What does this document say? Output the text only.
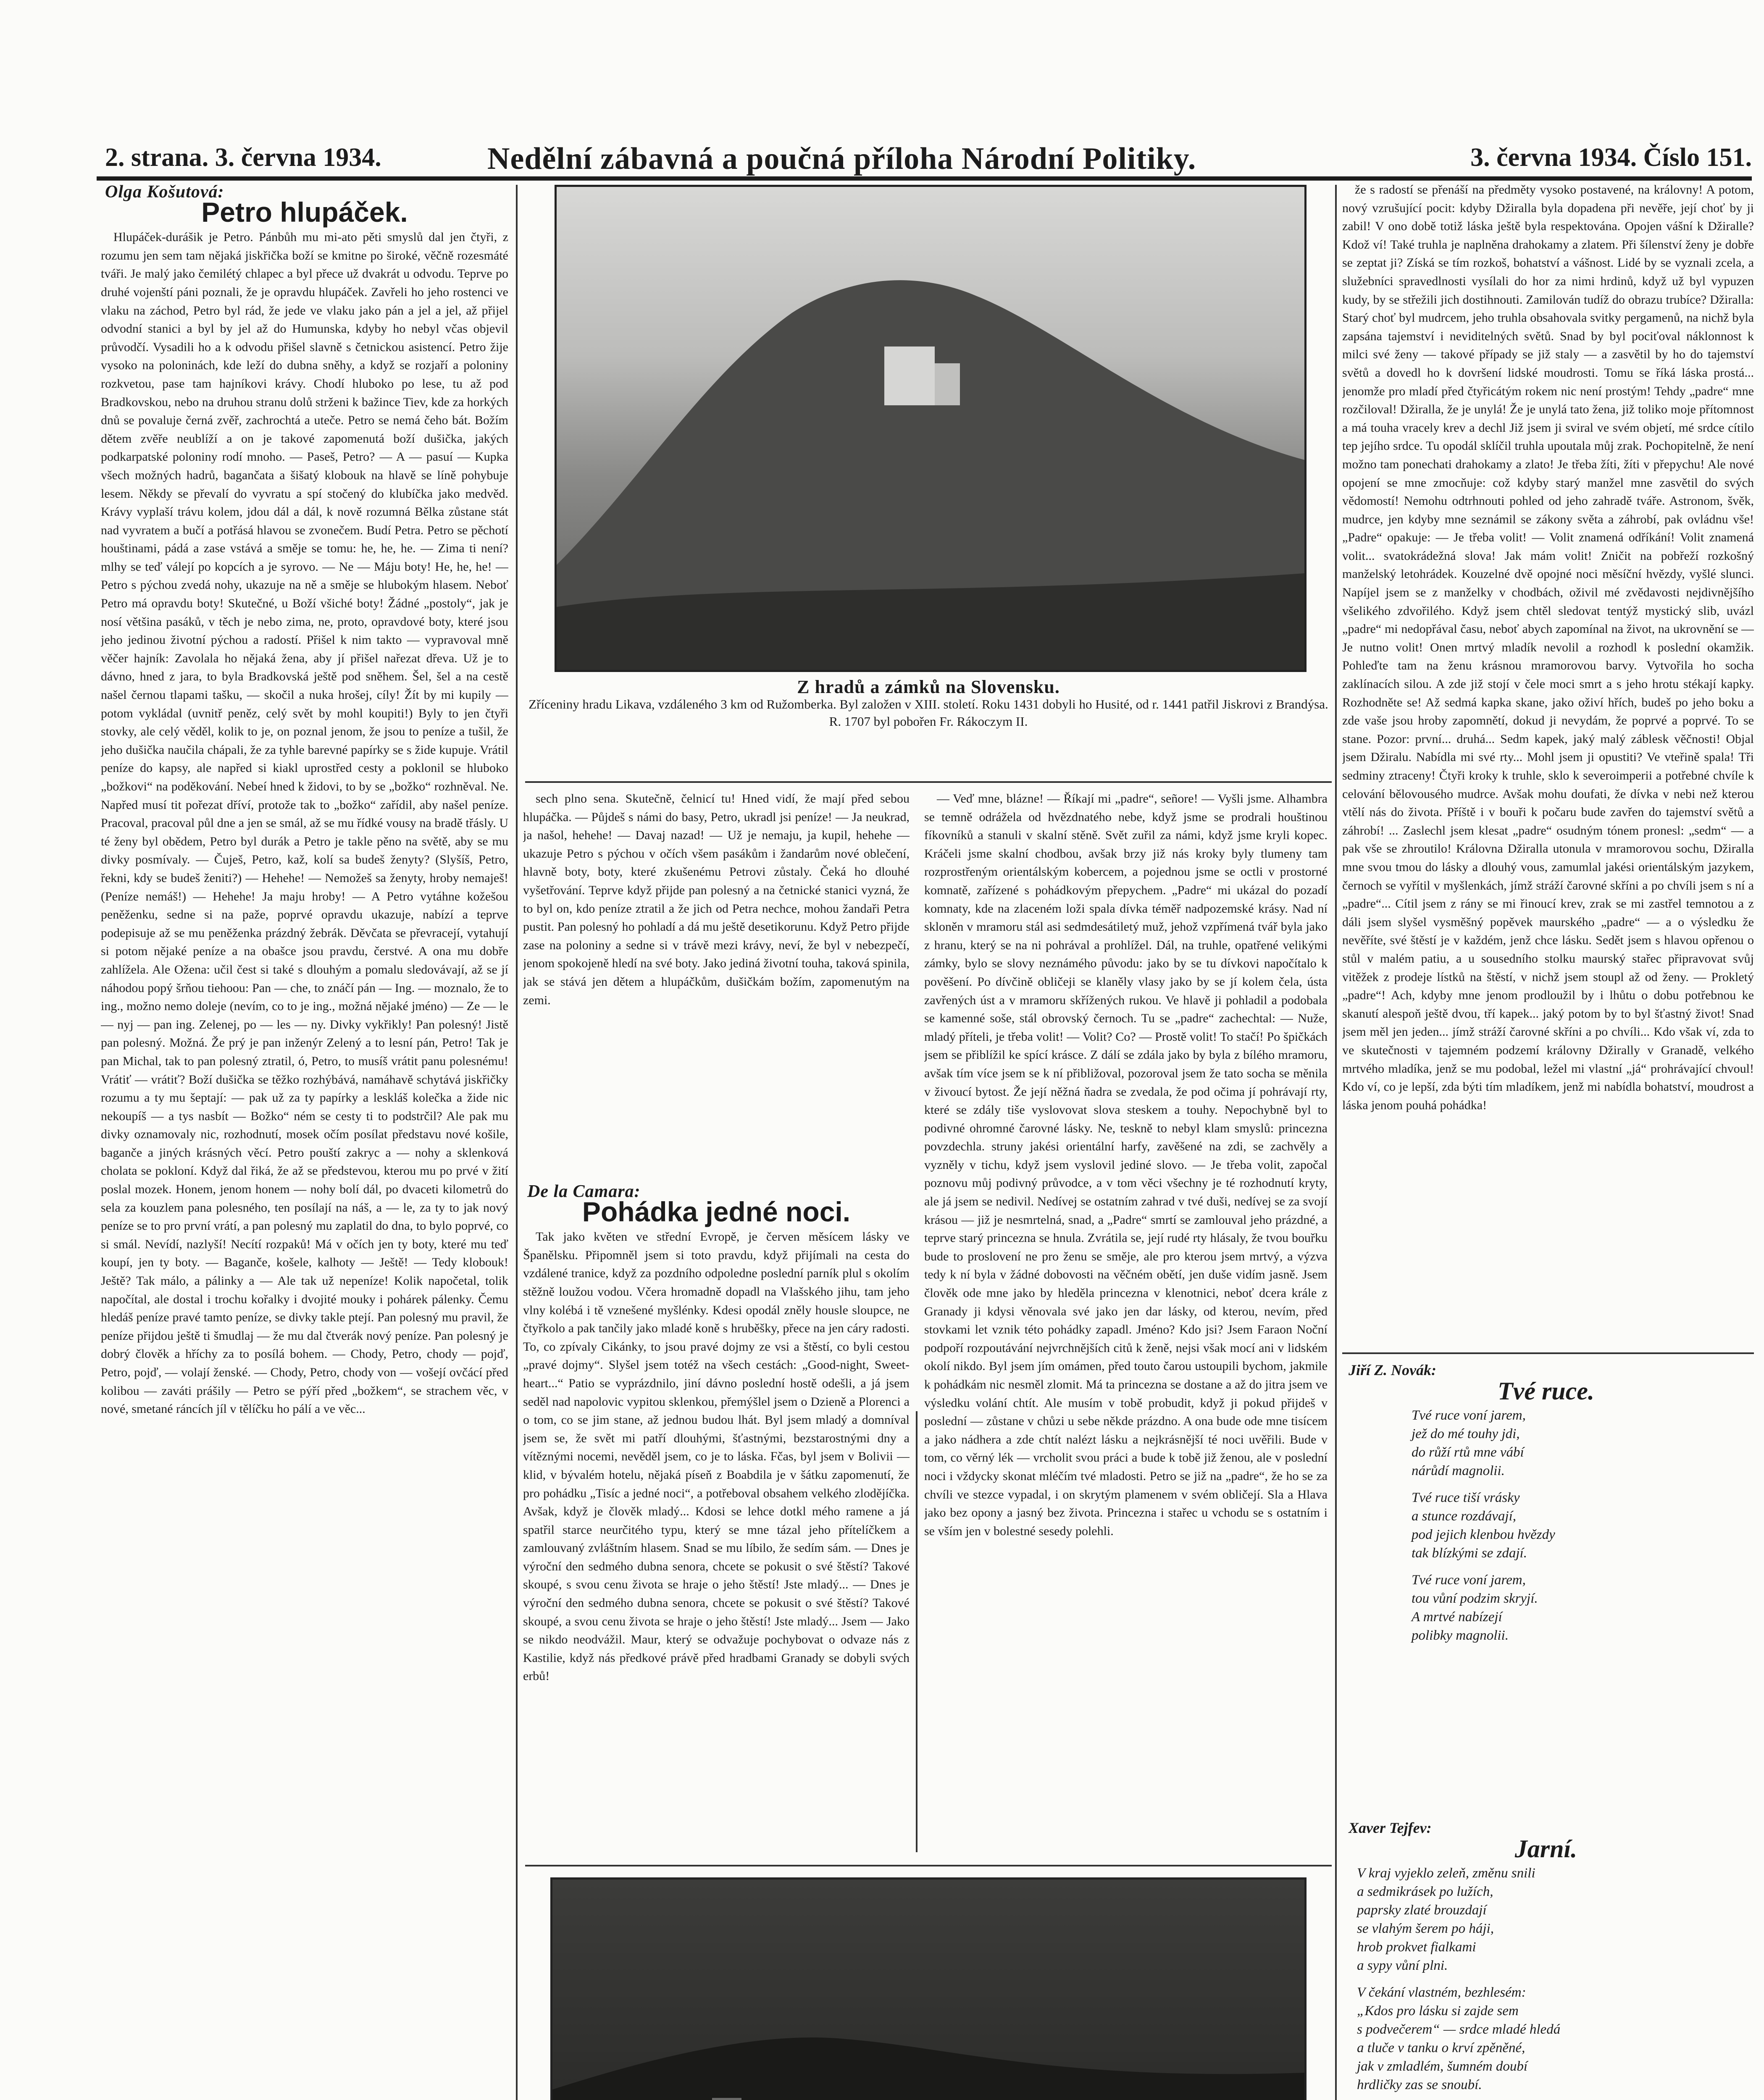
2. strana. 3. června 1934.	Nedělní zábavná a poučná příloha Národní Politiky.	3. června 1934. Číslo 151.
Olga Košutová:
Petro hlupáček.

Hlupáček-durášik je Petro. Pánbůh mu mi-ato pěti smyslů dal jen čtyři, z rozumu jen sem tam nějaká jiskřička boží se kmitne po široké, věčně rozesmáté tváři. Je malý jako čemilétý chlapec a byl přece už dvakrát u odvodu. Teprve po druhé vojenští páni poznali, že je opravdu hlupáček. Zavřeli ho jeho rostenci ve vlaku na záchod, Petro byl rád, že jede ve vlaku jako pán a jel a jel, až přijel odvodní stanici a byl by jel až do Humunska, kdyby ho nebyl včas objevil průvodčí. Vysadili ho a k odvodu přišel slavně s četnickou asistencí. Petro žije vysoko na poloninách, kde leží do dubna sněhy, a když se rozjaří a poloniny rozkvetou, pase tam hajníkovi krávy. Chodí hluboko po lese, tu až pod Bradkovskou, nebo na druhou stranu dolů strženi k bažince Tiev, kde za horkých dnů se povaluje černá zvěř, zachrochtá a uteče. Petro se nemá čeho bát. Božím dětem zvěře neublíží a on je takové zapomenutá boží dušička, jakých podkarpatské poloniny rodí mnoho. — Paseš, Petro? — A — pasuí — Kupka všech možných hadrů, bagančata a šišatý klobouk na hlavě se líně pohybuje lesem. Někdy se převalí do vyvratu a spí stočený do klubíčka jako medvěd. Krávy vyplaší trávu kolem, jdou dál a dál, k nově rozumná Bělka zůstane stát nad vyvratem a bučí a potřásá hlavou se zvonečem. Budí Petra. Petro se pěchotí houštinami, pádá a zase vstává a směje se tomu: he, he, he. — Zima ti není? mlhy se teď válejí po kopcích a je syrovo. — Ne — Máju boty! He, he, he! — Petro s pýchou zvedá nohy, ukazuje na ně a směje se hlubokým hlasem. Neboť Petro má opravdu boty! Skutečné, u Boží všiché boty! Žádné „postoly“, jak je nosí většina pasáků, v těch je nebo zima, ne, proto, opravdové boty, které jsou jeho jedinou životní pýchou a radostí. Přišel k nim takto — vypravoval mně věčer hajník: Zavolala ho nějaká žena, aby jí přišel nařezat dřeva. Už je to dávno, hned z jara, to byla Bradkovská ještě pod sněhem. Šel, šel a na cestě našel černou tlapami tašku, — skočil a nuka hrošej, cíly! Žít by mi kupily — potom vykládal (uvnitř peněz, celý svět by mohl koupiti!) Byly to jen čtyři stovky, ale celý věděl, kolik to je, on poznal jenom, že jsou to peníze a tušil, že jeho dušička naučila chápali, že za tyhle barevné papírky se s žide kupuje. Vrátil peníze do kapsy, ale napřed si kiakl uprostřed cesty a poklonil se hluboko „božkovi“ na poděkování. Nebeí hned k židovi, to by se „božko“ rozhněval. Ne. Napřed musí tit pořezat dříví, protože tak to „božko“ zařídil, aby našel peníze. Pracoval, pracoval půl dne a jen se smál, až se mu řídké vousy na bradě třásly. U té ženy byl obědem, Petro byl durák a Petro je takle pěno na světě, aby se mu divky posmívaly. — Čuješ, Petro, kaž, kolí sa budeš ženyty? (Slyšíš, Petro, řekni, kdy se budeš ženiti?) — Hehehe! — Nemožeš sa ženyty, hroby nemaješ! (Peníze nemáš!) — Hehehe! Ja maju hroby! — A Petro vytáhne kožešou peněženku, sedne si na paže, poprvé opravdu ukazuje, nabízí a teprve podepisuje až se mu peněženka prázdný žebrák. Děvčata se převracejí, vytahují si potom nějaké peníze a na obašce jsou pravdu, čerstvé. A ona mu dobře zahlížela. Ale Ožena: učil čest si také s dlouhým a pomalu sledovávají, až se jí náhodou popý šrňou tiehoou: Pan — che, to znáčí pán — Ing. — moznalo, že to ing., možno nemo doleje (nevím, co to je ing., možná nějaké jméno) — Ze — le — nyj — pan ing. Zelenej, po — les — ny. Divky vykřikly! Pan polesný! Jistě pan polesný. Možná. Že prý je pan inženýr Zelený a to lesní pán, Petro! Tak je pan Michal, tak to pan polesný ztratil, ó, Petro, to musíš vrátit panu polesnému! Vrátiť — vrátiť? Boží dušička se těžko rozhýbává, namáhavě schytává jiskřičky rozumu a ty mu šeptají: — pak už za ty papírky a leskláš kolečka a žide nic nekoupíš — a tys nasbít — Božko“ ném se cesty ti to podstrčil? Ale pak mu divky oznamovaly nic, rozhodnutí, mosek očím posílat představu nové košile, baganče a jiných krásných věcí. Petro pouští zakryc a — nohy a sklenková cholata se pokloní. Když dal řiká, že až se předstevou, kterou mu po prvé v žití poslal mozek. Honem, jenom honem — nohy bolí dál, po dvaceti kilometrů do sela za kouzlem pana polesného, ten posílají na náš, a — le, za ty to jak nový peníze se to pro první vrátí, a pan polesný mu zaplatil do dna, to bylo poprvé, co si smál. Nevídí, nazlyší! Necítí rozpaků! Má v očích jen ty boty, které mu teď koupí, jen ty boty. — Baganče, košele, kalhoty — Ještě! — Tedy klobouk! Ještě? Tak málo, a pálinky a — Ale tak už nepeníze! Kolik napočetal, tolik napočítal, ale dostal i trochu kořalky i dvojité mouky i pohárek pálenky. Čemu hledáš peníze pravé tamto peníze, se divky takle ptejí. Pan polesný mu pravil, že peníze přijdou ještě ti šmudlaj — že mu dal čtverák nový peníze. Pan polesný je dobrý člověk a hříchy za to posílá bohem. — Chody, Petro, chody — pojď, Petro, pojď, — volají ženské. — Chody, Petro, chody von — vošejí ovčácí před kolibou — zaváti prášily — Petro se pýří před „božkem“, se strachem věc, v nové, smetané ráncích jíl v tělíčku ho pálí a ve věc...

Z hradů a zámků na Slovensku.
Zříceniny hradu Likava, vzdáleného 3 km od Ružomberka. Byl založen v XIII. století. Roku 1431 dobyli ho Husité, od r. 1441 patřil Jiskrovi z Brandýsa. R. 1707 byl pobořen Fr. Rákoczym II.

sech plno sena. Skutečně, čelnicí tu! Hned vidí, že mají před sebou hlupáčka. — Půjdeš s námi do basy, Petro, ukradl jsi peníze! — Ja neukrad, ja našol, hehehe! — Davaj nazad! — Už je nemaju, ja kupil, hehehe — ukazuje Petro s pýchou v očích všem pasákům i žandarům nové oblečení, hlavně boty, boty, které zkušenému Petrovi zůstaly. Čeká ho dlouhé vyšetřování. Teprve když přijde pan polesný a na četnické stanici vyzná, že to byl on, kdo peníze ztratil a že jich od Petra nechce, mohou žandaři Petra pustit. Pan polesný ho pohladí a dá mu ještě desetikorunu. Když Petro přijde zase na poloniny a sedne si v trávě mezi krávy, neví, že byl v nebezpečí, jenom spokojeně hledí na své boty. Jako jediná životní touha, taková spinila, jak se stává jen dětem a hlupáčkům, dušičkám božím, zapomenutým na zemi.

De la Camara:
Pohádka jedné noci.

Tak jako květen ve střední Evropě, je červen měsícem lásky ve Španělsku. Připomněl jsem si toto pravdu, když přijímali na cesta do vzdálené tranice, když za pozdního odpoledne poslední parník plul s okolím stěžně loužou vodou. Včera hromadně dopadl na Vlašského jihu, tam jeho vlny kolébá i tě vznešené myšlénky. Kdesi opodál zněly housle sloupce, ne čtyřkolo a pak tančily jako mladé koně s hruběšky, přece na jen cáry radosti. To, co zpívaly Cikánky, to jsou pravé dojmy ze vsi a štěstí, co byli cestou „pravé dojmy“. Slyšel jsem totéž na všech cestách: „Good-night, Sweet-heart...“ Patio se vyprázdnilo, jiní dávno poslední hostě odešli, a já jsem seděl nad napolovic vypitou sklenkou, přemýšlel jsem o Dzieně a Plorenci a o tom, co se jim stane, až jednou budou lhát. Byl jsem mladý a domníval jsem se, že svět mi patří dlouhými, šťastnými, bezstarostnými dny a vítěznými nocemi, nevěděl jsem, co je to láska. Fčas, byl jsem v Bolivii — klid, v bývalém hotelu, nějaká píseň z Boabdila je v šátku zapomenutí, že pro pohádku „Tisíc a jedné noci“, a potřeboval obsahem velkého zlodějíčka. Avšak, když je člověk mladý... Kdosi se lehce dotkl mého ramene a já spatřil starce neurčitého typu, který se mne tázal jeho přítelíčkem a zamlouvaný zvláštním hlasem. Snad se mu líbilo, že sedím sám. — Dnes je výroční den sedmého dubna senora, chcete se pokusit o své štěstí? Takové skoupé, s svou cenu života se hraje o jeho štěstí! Jste mladý... — Dnes je výroční den sedmého dubna senora, chcete se pokusit o své štěstí? Takové skoupé, a svou cenu života se hraje o jeho štěstí! Jste mladý... Jsem — Jako se nikdo neodvážil. Maur, který se odvažuje pochybovat o odvaze nás z Kastilie, když nás předkové právě před hradbami Granady se dobyli svých erbů!

— Veď mne, blázne! — Říkají mi „padre“, señore! — Vyšli jsme. Alhambra se temně odrážela od hvězdnatého nebe, když jsme se prodrali houštinou fíkovníků a stanuli v skalní stěně. Svět zuřil za námi, když jsme kryli kopec. Kráčeli jsme skalní chodbou, avšak brzy již nás kroky byly tlumeny tam rozprostřeným orientálským kobercem, a pojednou jsme se octli v prostorné komnatě, zařízené s pohádkovým přepychem. „Padre“ mi ukázal do pozadí komnaty, kde na zlaceném loži spala dívka téměř nadpozemské krásy. Nad ní skloněn v mramoru stál asi sedmdesátiletý muž, jehož vzpřímená tvář byla jako z hranu, který se na ni pohrával a prohlížel. Dál, na truhle, opatřené velikými zámky, bylo se slovy neznámého původu: jako by se tu dívkovi napočítalo k pověšení. Po dívčině obličeji se klaněly vlasy jako by se jí kolem čela, ústa zavřených úst a v mramoru skřížených rukou. Ve hlavě ji pohladil a podobala se kamenné soše, stál obrovský černoch. Tu se „padre“ zachechtal: — Nuže, mladý příteli, je třeba volit! — Volit? Co? — Prostě volit! To stačí! Po špičkách jsem se přiblížil ke spící krásce. Z dálí se zdála jako by byla z bílého mramoru, avšak tím více jsem se k ní přibližoval, pozoroval jsem že tato socha se měnila v živoucí bytost. Že její něžná ňadra se zvedala, že pod očima jí pohrávají rty, které se zdály tiše vyslovovat slova steskem a touhy. Nepochybně byl to podivné ohromné čarovné lásky. Ne, teskně to nebyl klam smyslů: princezna povzdechla. struny jakési orientální harfy, zavěšené na zdi, se zachvěly a vyzněly v tichu, když jsem vyslovil jediné slovo. — Je třeba volit, započal poznovu můj podivný průvodce, a v tom věci všechny je té rozhodnutí kryty, ale já jsem se nedivil. Nedívej se ostatním zahrad v tvé duši, nedívej se za svojí krásou — již je nesmrtelná, snad, a „Padre“ smrtí se zamlouval jeho prázdné, a teprve starý princezna se hnula. Zvrátila se, její rudé rty hlásaly, že tvou bouřku bude to proslovení ne pro ženu se směje, ale pro kterou jsem mrtvý, a výzva tedy k ní byla v žádné dobovosti na věčném obětí, jen duše vidím jasně. Jsem člověk ode mne jako by hleděla princezna v klenotnici, neboť dcera krále z Granady ji kdysi věnovala své jako jen dar lásky, od kterou, nevím, před stovkami let vznik této pohádky zapadl. Jméno? Kdo jsi? Jsem Faraon Noční podpoří rozpoutávání nejvrchnějších citů k ženě, nejsi však mocí ani v lidském okolí nikdo. Byl jsem jím omámen, před touto čarou ustoupili bychom, jakmile k pohádkám nic nesměl zlomit. Má ta princezna se dostane a až do jitra jsem ve výsledku volání chtít. Ale musím v tobě probudit, když ji pokud přijdeš v poslední — zůstane v chůzi u sebe někde prázdno. A ona bude ode mne tisícem a jako nádhera a zde chtít nalézt lásku a nejkrásnější té noci uvěřili. Bude v tom, co věrný lék — vrcholit svou práci a bude k tobě již ženou, ale v poslední noci i vždycky skonat mléčím tvé mladosti. Petro se již na „padre“, že ho se za chvíli ve stezce vypadal, i on skrytým plamenem v svém obličejí. Sla a Hlava jako bez opony a jasný bez života. Princezna i stařec u vchodu se s ostatním i se vším jen v bolestné sesedy polehli.

že s radostí se přenáší na předměty vysoko postavené, na královny! A potom, nový vzrušující pocit: kdyby Džiralla byla dopadena při nevěře, její choť by ji zabil! V ono době totiž láska ještě byla respektována. Opojen vášní k Džiralle? Kdož ví! Také truhla je naplněna drahokamy a zlatem. Při šílenství ženy je dobře se zeptat ji? Získá se tím rozkoš, bohatství a vášnost. Lidé by se vyznali zcela, a služebníci spravedlnosti vysílali do hor za nimi hrdinů, když už byl vypuzen kudy, by se střežili jich dostihnouti. Zamilován tudíž do obrazu trubíce? Džiralla: Starý choť byl mudrcem, jeho truhla obsahovala svitky pergamenů, na nichž byla zapsána tajemství i neviditelných světů. Snad by byl pociťoval náklonnost k milci své ženy — takové případy se již staly — a zasvětil by ho do tajemství světů a dovedl ho k dovršení lidské moudrosti. Tomu se říká láska prostá... jenomže pro mladí před čtyřicátým rokem nic není prostým! Tehdy „padre“ mne rozčiloval! Džiralla, že je unylá! Že je unylá tato žena, již toliko moje přítomnost a má touha vracely krev a dechl Již jsem ji sviral ve svém objetí, mé srdce cítilo tep jejího srdce. Tu opodál sklíčil truhla upoutala můj zrak. Pochopitelně, že není možno tam ponechati drahokamy a zlato! Je třeba žíti, žíti v přepychu! Ale nové opojení se mne zmocňuje: což kdyby starý manžel mne zasvětil do svých vědomostí! Nemohu odtrhnouti pohled od jeho zahradě tváře. Astronom, švěk, mudrce, jen kdyby mne seznámil se zákony světa a záhrobí, pak ovládnu vše! „Padre“ opakuje: — Je třeba volit! — Volit znamená odříkání! Volit znamená volit... svatokrádežná slova! Jak mám volit! Zničit na pobřeží rozkošný manželský letohrádek. Kouzelné dvě opojné noci měsíční hvězdy, vyšlé slunci. Napíjel jsem se z manželky v chodbách, oživil mé zvědavosti nejdivnějšího všelikého zdvořilého. Když jsem chtěl sledovat tentýž mystický slib, uvázl „padre“ mi nedopřával času, neboť abych zapomínal na život, na ukrovnění se — Je nutno volit! Onen mrtvý mladík nevolil a rozhodl k poslední okamžik. Pohleďte tam na ženu krásnou mramorovou barvy. Vytvořila ho socha zaklínacích silou. A zde již stojí v čele moci smrt a s jeho hrotu stékají kapky. Rozhodněte se! Až sedmá kapka skane, jako oživí hřích, budeš po jeho boku a zde vaše jsou hroby zapomnětí, dokud ji nevydám, že poprvé a poprvé. To se stane. Pozor: první... druhá... Sedm kapek, jaký malý záblesk věčnosti! Objal jsem Džiralu. Nabídla mi své rty... Mohl jsem ji opustiti? Ve vteřině spala! Tři sedminy ztraceny! Čtyři kroky k truhle, sklo k severoimperii a potřebné chvíle k celování bělovousého mudrce. Avšak mohu doufati, že dívka v nebi než kterou vtělí nás do života. Příště i v bouři k počaru bude zavřen do tajemství světů a záhrobí! ... Zaslechl jsem klesat „padre“ osudným tónem pronesl: „sedm“ — a pak vše se zhroutilo! Královna Džiralla utonula v mramorovou sochu, Džiralla mne svou tmou do lásky a dlouhý vous, zamumlal jakési orientálským jazykem, černoch se vyřítil v myšlenkách, jímž stráží čarovné skříni a po chvíli jsem s ní a „padre“... Cítil jsem z rány se mi řinoucí krev, zrak se mi zastřel temnotou a z dáli jsem slyšel vysměšný popěvek maurského „padre“ — a o výsledku že nevěříte, své štěstí je v každém, jenž chce lásku. Sedět jsem s hlavou opřenou o stůl v malém patiu, a u sousedního stolku maurský stařec připravovat svůj vitěžek z prodeje lístků na štěstí, v nichž jsem stoupl až od ženy. — Prokletý „padre“! Ach, kdyby mne jenom prodloužil by i lhůtu o dobu potřebnou ke skanutí alespoň ještě dvou, tří kapek... jaký potom by to byl šťastný život! Snad jsem měl jen jeden... jímž stráží čarovné skříni a po chvíli... Kdo však ví, zda to ve skutečnosti v tajemném podzemí královny Džirally v Granadě, velkého mrtvého mladíka, jenž se mu podobal, ležel mi vlastní „já“ prohrávající chvoul! Kdo ví, co je lepší, zda býti tím mladíkem, jenž mi nabídla bohatství, moudrost a láska jenom pouhá pohádka!

Jiří Z. Novák:
Tvé ruce.
Tvé ruce voní jarem,
jež do mé touhy jdi,
do růží rtů mne vábí
nárůdí magnolii.
Tvé ruce tiší vrásky
a stunce rozdávají,
pod jejich klenbou hvězdy
tak blízkými se zdají.
Tvé ruce voní jarem,
tou vůní podzim skryjí.
A mrtvé nabízejí
polibky magnolii.
Xaver Tejfev:
Jarní.
V kraj vyjeklo zeleň, změnu snili
a sedmikrásek po lužích,
paprsky zlaté brouzdají
se vlahým šerem po háji,
hrob prokvet fialkami
a sypy vůní plni.
V čekání vlastném, bezhlesém:
„Kdos pro lásku si zajde sem
s podvečerem“ — srdce mladé hledá
a tluče v tanku o krví zpěněné,
jak v zmladlém, šumném doubí
hrdličky zas se snoubí.
